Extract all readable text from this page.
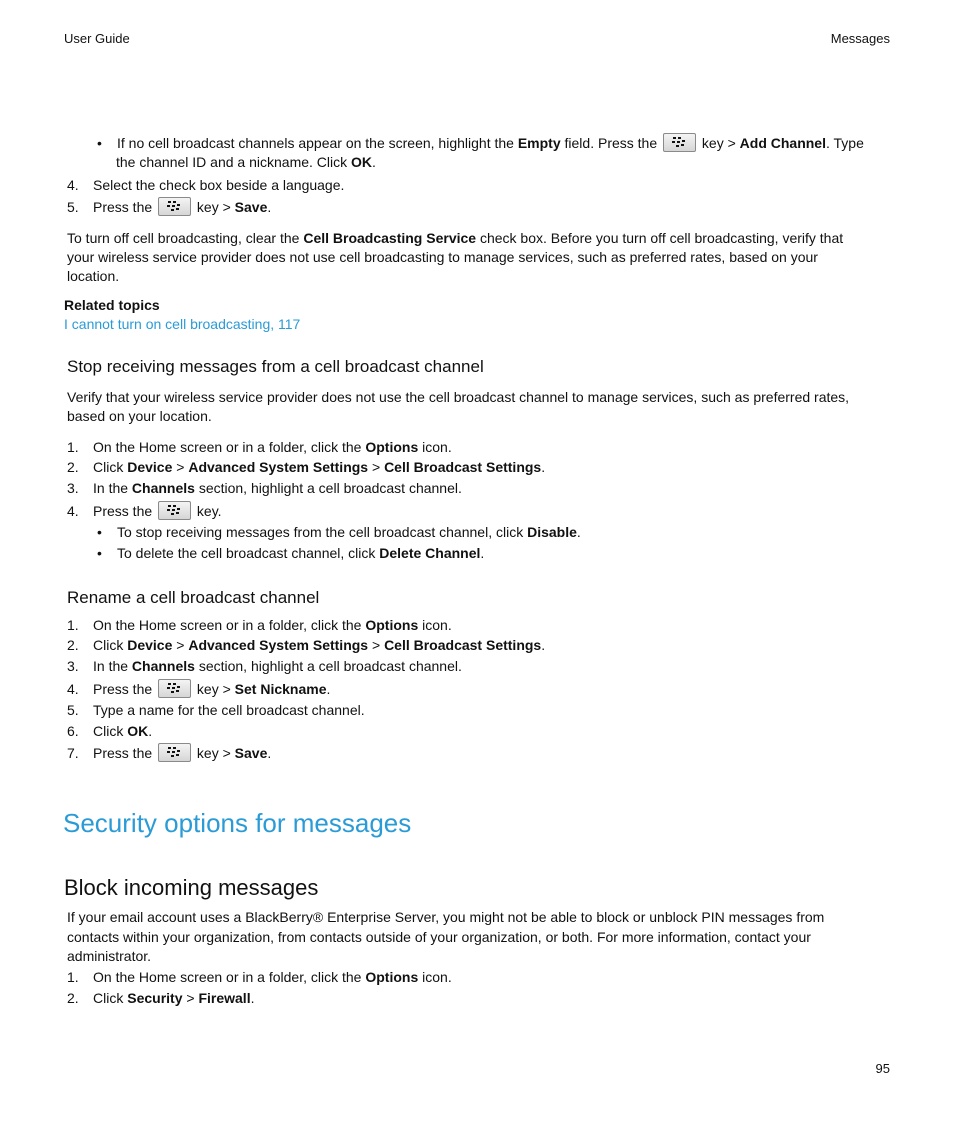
User Guide	Messages
• If no cell broadcast channels appear on the screen, highlight the Empty field. Press the	key > Add Channel. Type
the channel ID and a nickname. Click OK.
4. Select the check box beside a language.
5. Press the	key > Save.
To turn off cell broadcasting, clear the Cell Broadcasting Service check box. Before you turn off cell broadcasting, verify that
your wireless service provider does not use cell broadcasting to manage services, such as preferred rates, based on your
location.
Related topics
I cannot turn on cell broadcasting, 117
Stop receiving messages from a cell broadcast channel
Verify that your wireless service provider does not use the cell broadcast channel to manage services, such as preferred rates,
based on your location.
1. On the Home screen or in a folder, click the Options icon.
2. Click Device > Advanced System Settings > Cell Broadcast Settings.
3. In the Channels section, highlight a cell broadcast channel.
4. Press the	key.
• To stop receiving messages from the cell broadcast channel, click Disable.
• To delete the cell broadcast channel, click Delete Channel.
Rename a cell broadcast channel
1. On the Home screen or in a folder, click the Options icon.
2. Click Device > Advanced System Settings > Cell Broadcast Settings.
3. In the Channels section, highlight a cell broadcast channel.
4. Press the	key > Set Nickname.
5. Type a name for the cell broadcast channel.
6. Click OK.
7. Press the	key > Save.
Security options for messages
Block incoming messages
If your email account uses a BlackBerry® Enterprise Server, you might not be able to block or unblock PIN messages from
contacts within your organization, from contacts outside of your organization, or both. For more information, contact your
administrator.
1. On the Home screen or in a folder, click the Options icon.
2. Click Security > Firewall.
95
